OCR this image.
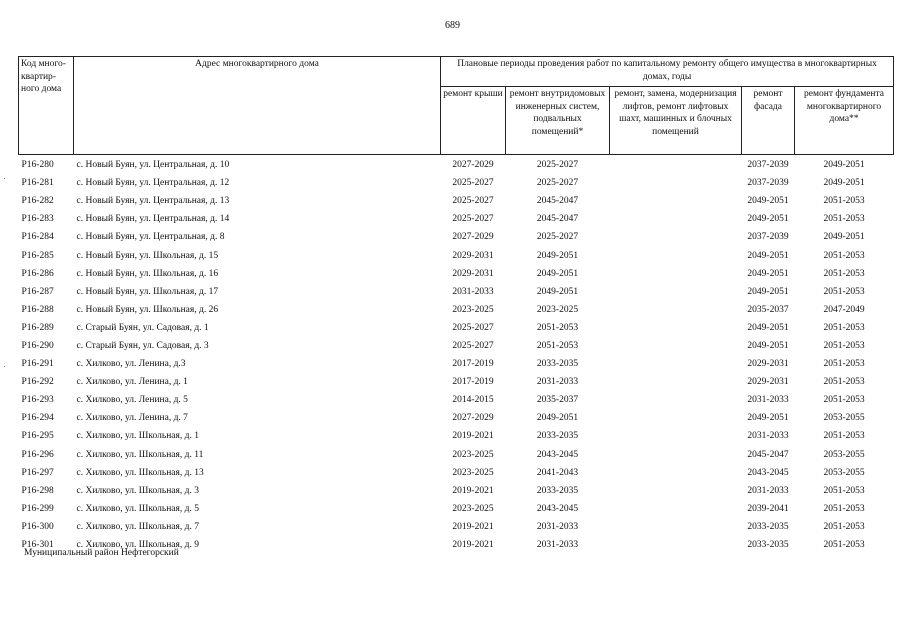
689
Код много-квартир-ного дома	Адрес многоквартирного дома	Плановые периоды проведения работ по капитальному ремонту общего имущества в многоквартирных домах, годы				
		ремонт крыши	ремонт внутридомовых инженерных систем, подвальных помещений*	ремонт, замена, модернизация лифтов, ремонт лифтовых шахт, машинных и блочных помещений	ремонт фасада	ремонт фундамента многоквартирного дома**
P16-280	с. Новый Буян, ул. Центральная, д. 10	2027-2029	2025-2027		2037-2039	2049-2051
P16-281	с. Новый Буян, ул. Центральная, д. 12	2025-2027	2025-2027		2037-2039	2049-2051
P16-282	с. Новый Буян, ул. Центральная, д. 13	2025-2027	2045-2047		2049-2051	2051-2053
P16-283	с. Новый Буян, ул. Центральная, д. 14	2025-2027	2045-2047		2049-2051	2051-2053
P16-284	с. Новый Буян, ул. Центральная, д. 8	2027-2029	2025-2027		2037-2039	2049-2051
P16-285	с. Новый Буян, ул. Школьная, д. 15	2029-2031	2049-2051		2049-2051	2051-2053
P16-286	с. Новый Буян, ул. Школьная, д. 16	2029-2031	2049-2051		2049-2051	2051-2053
P16-287	с. Новый Буян, ул. Школьная, д. 17	2031-2033	2049-2051		2049-2051	2051-2053
P16-288	с. Новый Буян, ул. Школьная, д. 26	2023-2025	2023-2025		2035-2037	2047-2049
P16-289	с. Старый Буян, ул. Садовая, д. 1	2025-2027	2051-2053		2049-2051	2051-2053
P16-290	с. Старый Буян, ул. Садовая, д. 3	2025-2027	2051-2053		2049-2051	2051-2053
P16-291	с. Хилково, ул. Ленина, д.3	2017-2019	2033-2035		2029-2031	2051-2053
P16-292	с. Хилково, ул. Ленина, д. 1	2017-2019	2031-2033		2029-2031	2051-2053
P16-293	с. Хилково, ул. Ленина, д. 5	2014-2015	2035-2037		2031-2033	2051-2053
P16-294	с. Хилково, ул. Ленина, д. 7	2027-2029	2049-2051		2049-2051	2053-2055
P16-295	с. Хилково, ул. Школьная, д. 1	2019-2021	2033-2035		2031-2033	2051-2053
P16-296	с. Хилково, ул. Школьная, д. 11	2023-2025	2043-2045		2045-2047	2053-2055
P16-297	с. Хилково, ул. Школьная, д. 13	2023-2025	2041-2043		2043-2045	2053-2055
P16-298	с. Хилково, ул. Школьная, д. 3	2019-2021	2033-2035		2031-2033	2051-2053
P16-299	с. Хилково, ул. Школьная, д. 5	2023-2025	2043-2045		2039-2041	2051-2053
P16-300	с. Хилково, ул. Школьная, д. 7	2019-2021	2031-2033		2033-2035	2051-2053
P16-301	с. Хилково, ул. Школьная, д. 9	2019-2021	2031-2033		2033-2035	2051-2053
Муниципальный район Нефтегорский
